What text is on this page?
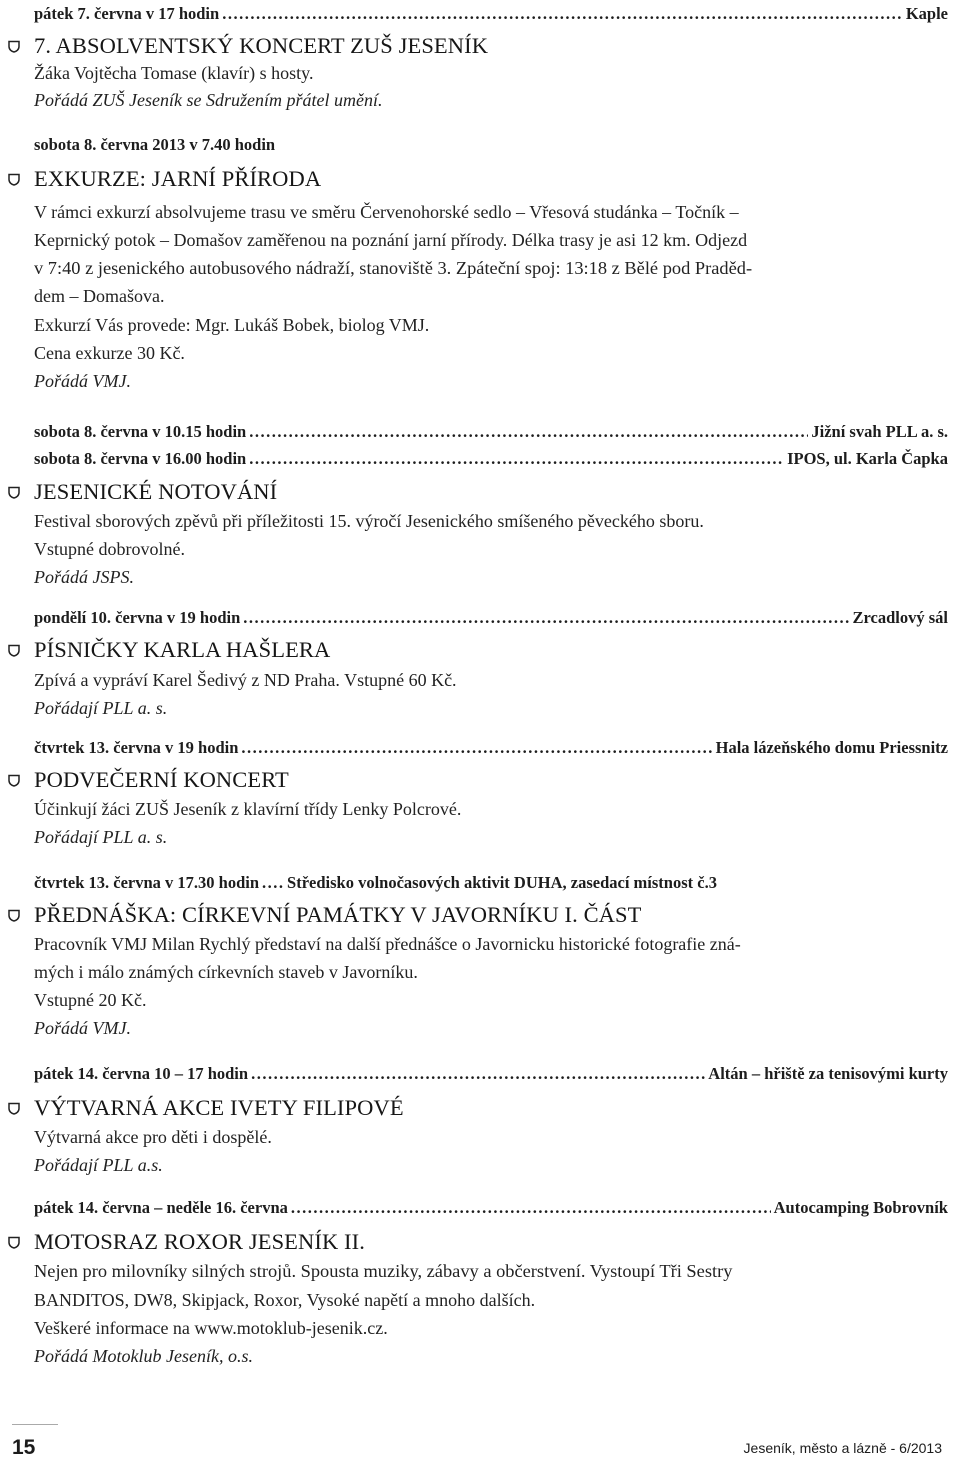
pátek 7. června v 17 hodin .....	Kaple
7. ABSOLVENTSKÝ KONCERT ZUŠ JESENÍK
Žáka Vojtěcha Tomase (klavír) s hosty.
Pořádá ZUŠ Jeseník se Sdružením přátel umění.
sobota 8. června 2013 v 7.40 hodin
EXKURZE: JARNÍ PŘÍRODA
V rámci exkurzí absolvujeme trasu ve směru Červenohorské sedlo – Vřesová studánka – Točník –
Keprnický potok – Domašov zaměřenou na poznání jarní přírody. Délka trasy je asi 12 km. Odjezd
v 7:40 z jesenického autobusového nádraží, stanoviště 3. Zpáteční spoj: 13:18 z Bělé pod Praděd-
dem – Domašova.
Exkurzí Vás provede: Mgr. Lukáš Bobek, biolog VMJ.
Cena exkurze 30 Kč.
Pořádá VMJ.
sobota 8. června v 10.15 hodin .....	Jižní svah PLL a. s.
sobota 8. června v 16.00 hodin .....	IPOS, ul. Karla Čapka
JESENICKÉ NOTOVÁNÍ
Festival sborových zpěvů při příležitosti 15. výročí Jesenického smíšeného pěveckého sboru.
Vstupné dobrovolné.
Pořádá JSPS.
pondělí 10. června v 19 hodin .....	Zrcadlový sál
PÍSNIČKY KARLA HAŠLERA
Zpívá a vypráví Karel Šedivý z ND Praha. Vstupné 60 Kč.
Pořádají PLL a. s.
čtvrtek 13. června v 19 hodin .....	Hala lázeňského domu Priessnitz
PODVEČERNÍ KONCERT
Účinkují žáci ZUŠ Jeseník z klavírní třídy Lenky Polcrové.
Pořádají PLL a. s.
čtvrtek 13. června v 17.30 hodin ..... Středisko volnočasových aktivit DUHA, zasedací místnost č.3
PŘEDNÁŠKA: CÍRKEVNÍ PAMÁTKY V JAVORNÍKU I. ČÁST
Pracovník VMJ Milan Rychlý představí na další přednášce o Javornicku historické fotografie zná-
mých i málo známých církevních staveb v Javorníku.
Vstupné 20 Kč.
Pořádá VMJ.
pátek 14. června 10 – 17 hodin .....	Altán – hřiště za tenisovými kurty
VÝTVARNÁ AKCE IVETY FILIPOVÉ
Výtvarná akce pro děti i dospělé.
Pořádají PLL a.s.
pátek 14. června – neděle 16. června .....	Autocamping Bobrovník
MOTOSRAZ ROXOR JESENÍK II.
Nejen pro milovníky silných strojů. Spousta muziky, zábavy a občerstvení. Vystoupí Tři Sestry
BANDITOS, DW8, Skipjack, Roxor, Vysoké napětí a mnoho dalších.
Veškeré informace na www.motoklub-jesenik.cz.
Pořádá Motoklub Jeseník, o.s.
15	Jeseník, město a lázně - 6/2013
